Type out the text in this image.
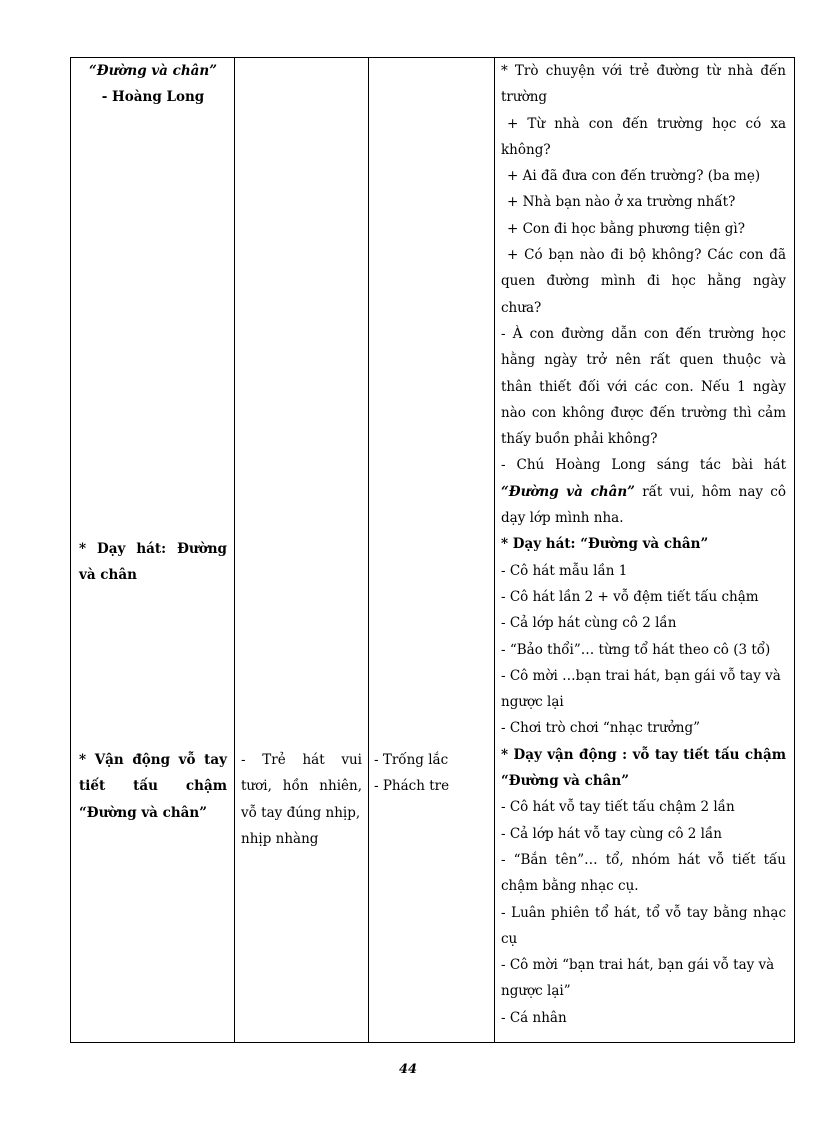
“Đường và chân”
- Hoàng Long
* Dạy hát: Đường
và chân
* Vận động vỗ tay
tiết tấu chậm
“Đường và chân”

- Trẻ hát vui
tươi, hồn nhiên,
vỗ tay đúng nhịp,
nhịp nhàng

- Trống lắc
- Phách tre

* Trò chuyện với trẻ đường từ nhà đến
trường
+ Từ nhà con đến trường học có xa
không?
+ Ai đã đưa con đến trường? (ba mẹ)
+ Nhà bạn nào ở xa trường nhất?
+ Con đi học bằng phương tiện gì?
+ Có bạn nào đi bộ không? Các con đã
quen đường mình đi học hằng ngày
chưa?
- À con đường dẫn con đến trường học
hằng ngày trở nên rất quen thuộc và
thân thiết đối với các con. Nếu 1 ngày
nào con không được đến trường thì cảm
thấy buồn phải không?
- Chú Hoàng Long sáng tác bài hát
“Đường và chân” rất vui, hôm nay cô
dạy lớp mình nha.
* Dạy hát: “Đường và chân”
- Cô hát mẫu lần 1
- Cô hát lần 2 + vỗ đệm tiết tấu chậm
- Cả lớp hát cùng cô 2 lần
- “Bảo thổi”… từng tổ hát theo cô (3 tổ)
- Cô mời …bạn trai hát, bạn gái vỗ tay và
ngược lại
- Chơi trò chơi “nhạc trưởng”
* Dạy vận động : vỗ tay tiết tấu chậm
“Đường và chân”
- Cô hát vỗ tay tiết tấu chậm 2 lần
- Cả lớp hát vỗ tay cùng cô 2 lần
- “Bắn tên”… tổ, nhóm hát vỗ tiết tấu
chậm bằng nhạc cụ.
- Luân phiên tổ hát, tổ vỗ tay bằng nhạc
cụ
- Cô mời “bạn trai hát, bạn gái vỗ tay và
ngược lại”
- Cá nhân
44
